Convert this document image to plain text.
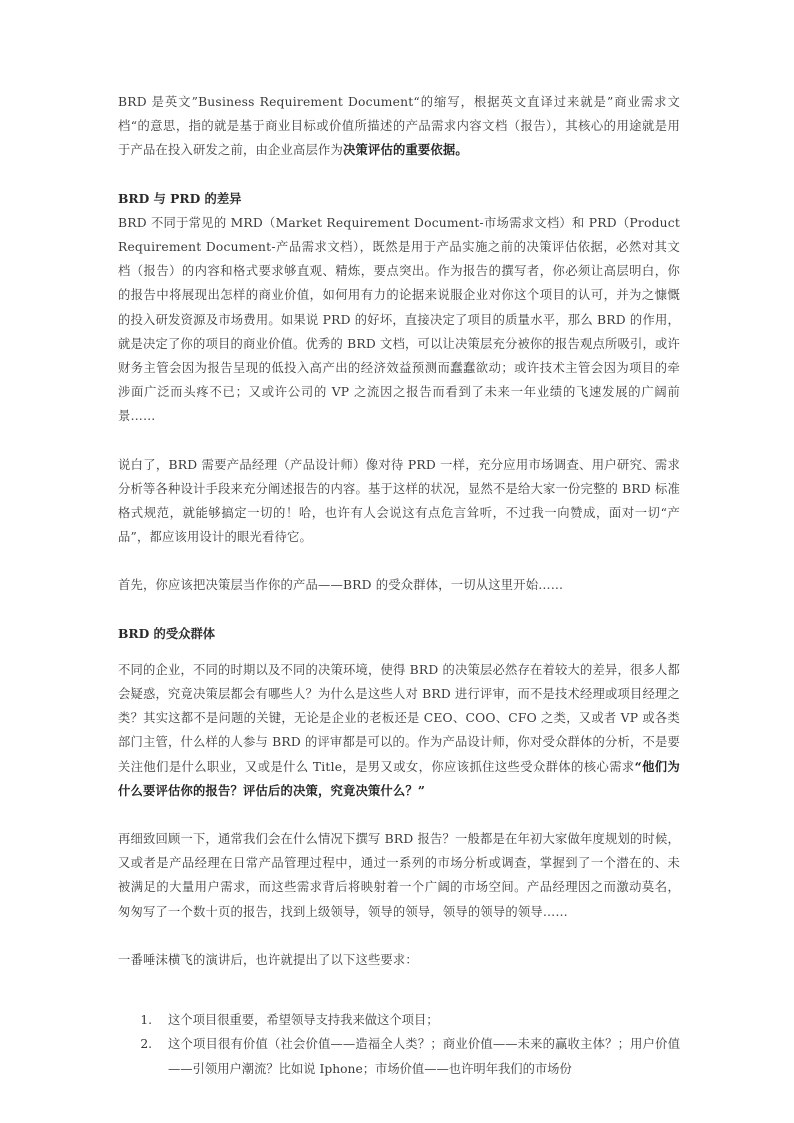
BRD 是英文”Business Requirement Document“的缩写，根据英文直译过来就是”商业需求文档“的意思，指的就是基于商业目标或价值所描述的产品需求内容文档（报告），其核心的用途就是用于产品在投入研发之前，由企业高层作为决策评估的重要依据。

BRD 与 PRD 的差异

BRD 不同于常见的 MRD（Market Requirement Document-市场需求文档）和 PRD（Product Requirement Document-产品需求文档），既然是用于产品实施之前的决策评估依据，必然对其文档（报告）的内容和格式要求够直观、精炼，要点突出。作为报告的撰写者，你必须让高层明白，你的报告中将展现出怎样的商业价值，如何用有力的论据来说服企业对你这个项目的认可，并为之慷慨的投入研发资源及市场费用。如果说 PRD 的好坏，直接决定了项目的质量水平，那么 BRD 的作用，就是决定了你的项目的商业价值。优秀的 BRD 文档，可以让决策层充分被你的报告观点所吸引，或许财务主管会因为报告呈现的低投入高产出的经济效益预测而蠢蠢欲动；或许技术主管会因为项目的牵涉面广泛而头疼不已；又或许公司的 VP 之流因之报告而看到了未来一年业绩的飞速发展的广阔前景……

说白了，BRD 需要产品经理（产品设计师）像对待 PRD 一样，充分应用市场调查、用户研究、需求分析等各种设计手段来充分阐述报告的内容。基于这样的状况，显然不是给大家一份完整的 BRD 标准格式规范，就能够搞定一切的！哈，也许有人会说这有点危言耸听，不过我一向赞成，面对一切“产品”，都应该用设计的眼光看待它。

首先，你应该把决策层当作你的产品——BRD 的受众群体，一切从这里开始……

BRD 的受众群体

不同的企业，不同的时期以及不同的决策环境，使得 BRD 的决策层必然存在着较大的差异，很多人都会疑惑，究竟决策层都会有哪些人？为什么是这些人对 BRD 进行评审，而不是技术经理或项目经理之类？其实这都不是问题的关键，无论是企业的老板还是 CEO、COO、CFO 之类，又或者 VP 或各类部门主管，什么样的人参与 BRD 的评审都是可以的。作为产品设计师，你对受众群体的分析，不是要关注他们是什么职业，又或是什么 Title，是男又或女，你应该抓住这些受众群体的核心需求“他们为什么要评估你的报告？评估后的决策，究竟决策什么？”

再细致回顾一下，通常我们会在什么情况下撰写 BRD 报告？一般都是在年初大家做年度规划的时候，又或者是产品经理在日常产品管理过程中，通过一系列的市场分析或调查，掌握到了一个潜在的、未被满足的大量用户需求，而这些需求背后将映射着一个广阔的市场空间。产品经理因之而激动莫名，匆匆写了一个数十页的报告，找到上级领导，领导的领导，领导的领导的领导……

一番唾沫横飞的演讲后，也许就提出了以下这些要求：

1. 这个项目很重要，希望领导支持我来做这个项目；
2. 这个项目很有价值（社会价值——造福全人类？；商业价值——未来的赢收主体？；用户价值——引领用户潮流？比如说 Iphone；市场价值——也许明年我们的市场份
